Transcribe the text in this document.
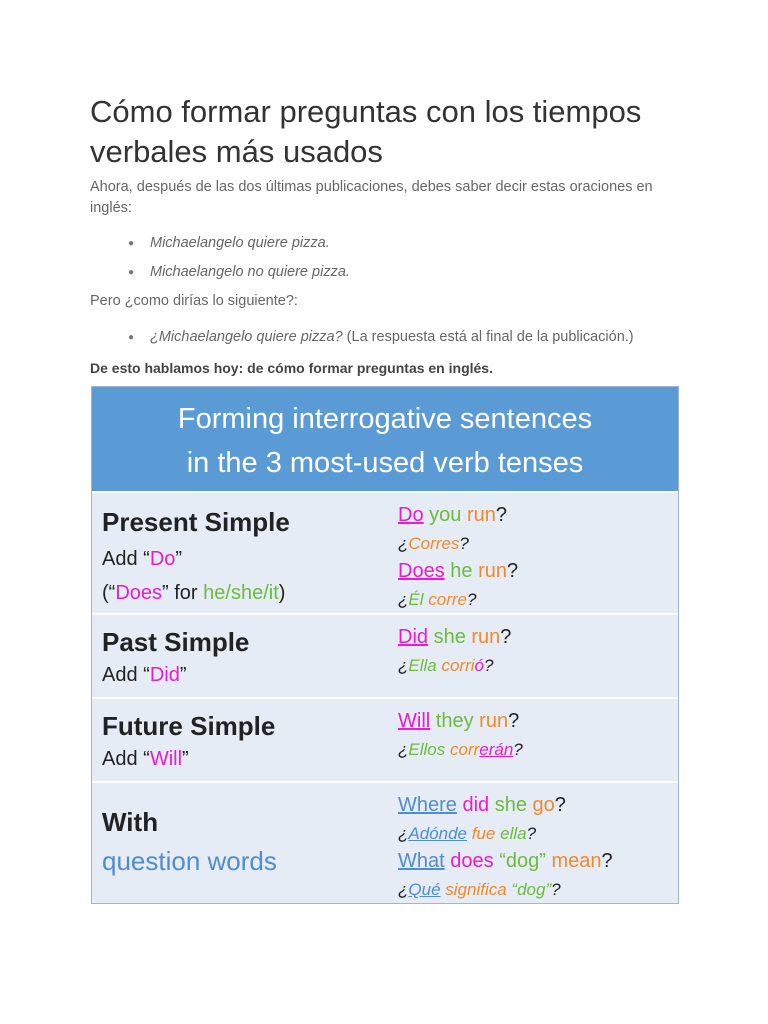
Cómo formar preguntas con los tiempos verbales más usados

Ahora, después de las dos últimas publicaciones, debes saber decir estas oraciones en inglés:

● Michaelangelo quiere pizza.
● Michaelangelo no quiere pizza.

Pero ¿como dirías lo siguiente?:

● ¿Michaelangelo quiere pizza? (La respuesta está al final de la publicación.)

De esto hablamos hoy: de cómo formar preguntas en inglés.

Forming interrogative sentences
in the 3 most-used verb tenses
Present Simple
Add “Do”
(“Does” for he/she/it)
Do you run?
¿Corres?
Does he run?
¿Él corre?
Past Simple
Add “Did”
Did she run?
¿Ella corrió?
Future Simple
Add “Will”
Will they run?
¿Ellos correrán?
With
question words
Where did she go?
¿Adónde fue ella?
What does “dog” mean?
¿Qué significa “dog”?
